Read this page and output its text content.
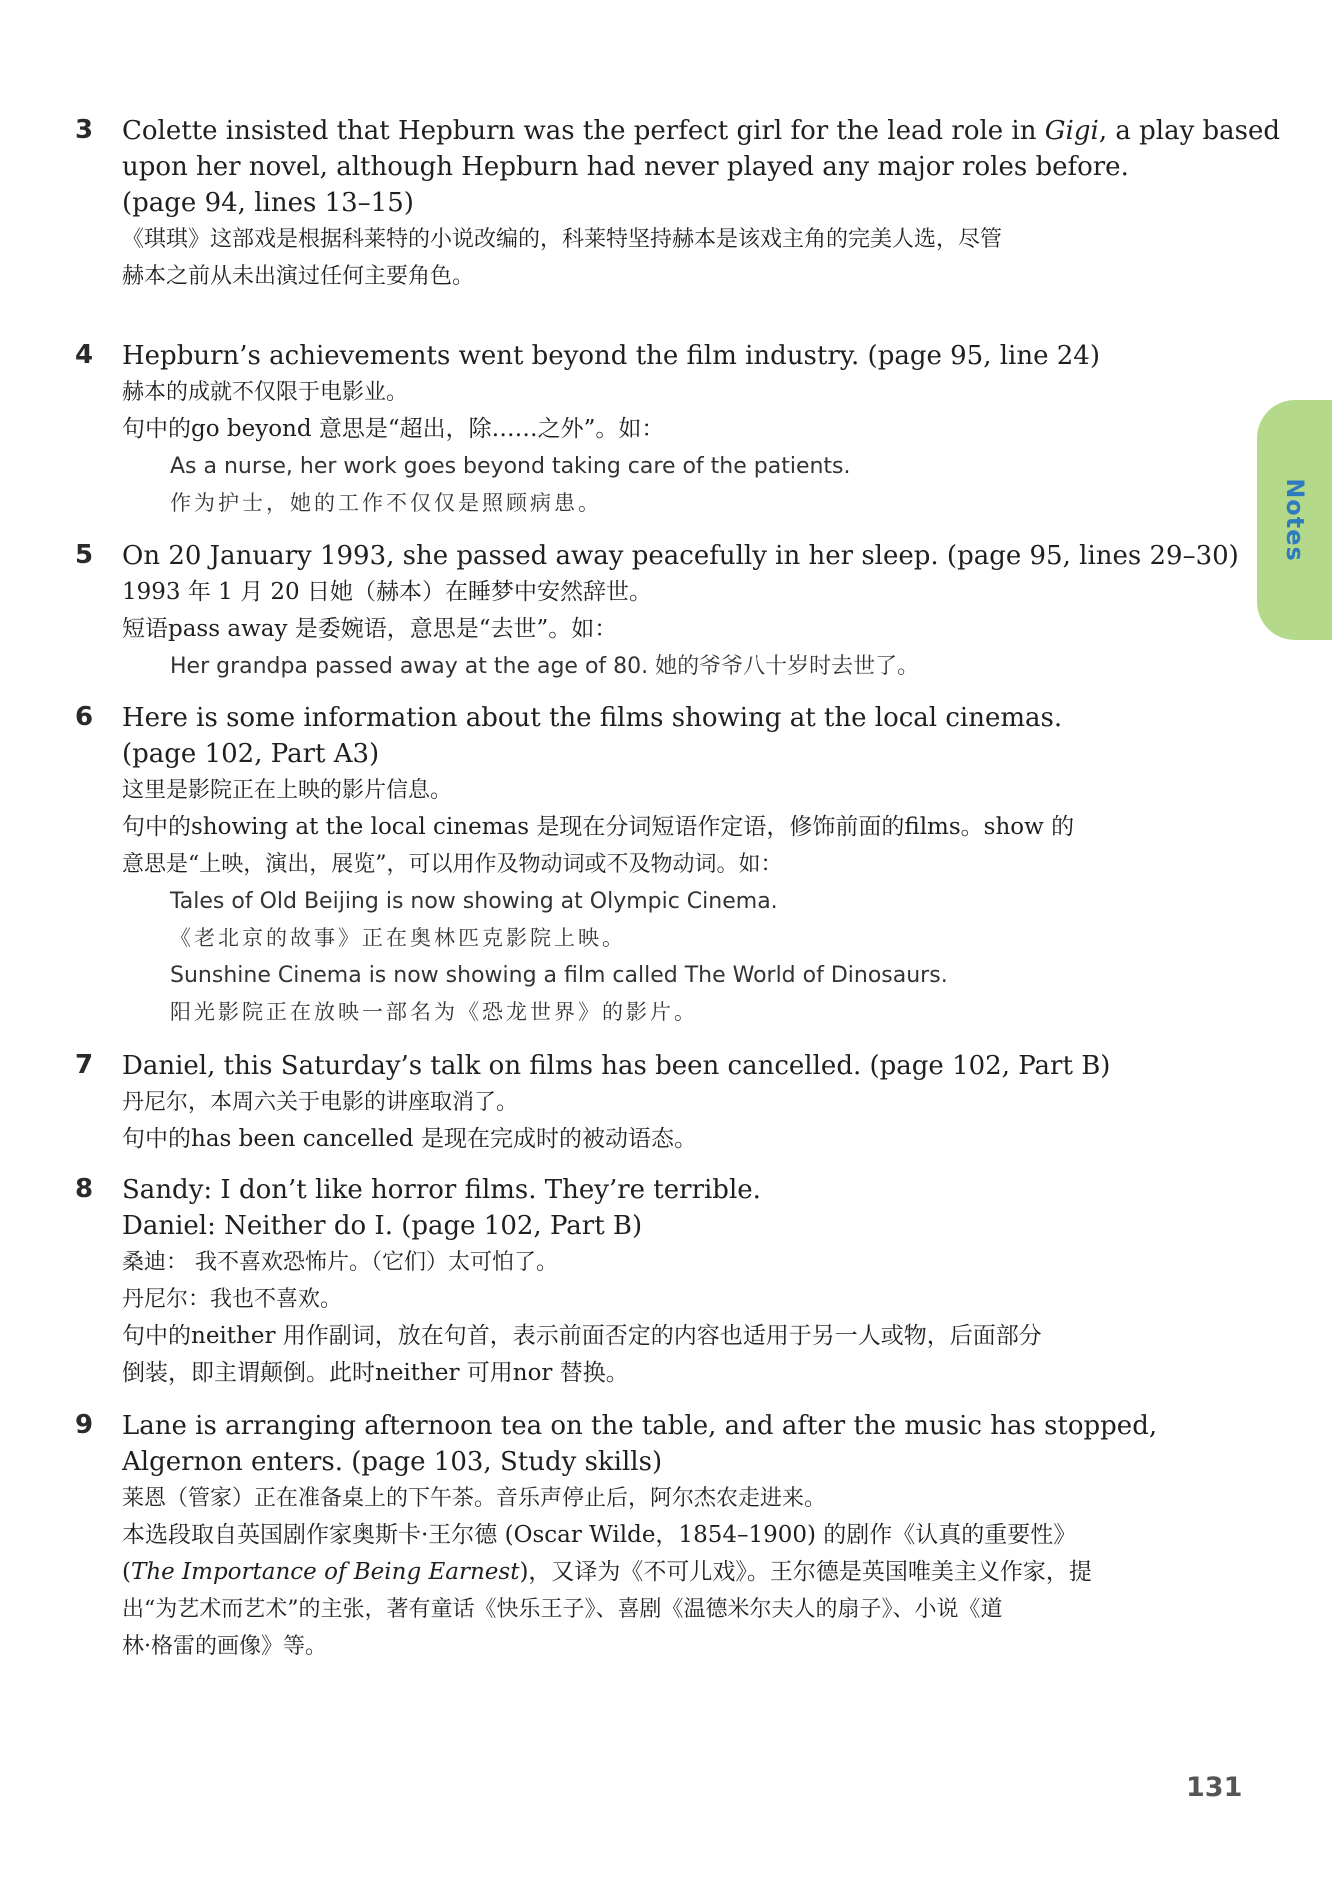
Notes
3	Colette insisted that Hepburn was the perfect girl for the lead role in Gigi, a play based
upon her novel, although Hepburn had never played any major roles before.
(page 94, lines 13–15)
《琪琪》这部戏是根据科莱特的小说改编的，科莱特坚持赫本是该戏主角的完美人选，尽管
赫本之前从未出演过任何主要角色。
4	Hepburn’s achievements went beyond the film industry. (page 95, line 24)
赫本的成就不仅限于电影业。
句中的go beyond 意思是“超出，除……之外”。如：
As a nurse, her work goes beyond taking care of the patients.
作为护士，她的工作不仅仅是照顾病患。
5	On 20 January 1993, she passed away peacefully in her sleep. (page 95, lines 29–30)
1993 年 1 月 20 日她（赫本）在睡梦中安然辞世。
短语pass away 是委婉语，意思是“去世”。如：
Her grandpa passed away at the age of 80. 她的爷爷八十岁时去世了。
6	Here is some information about the films showing at the local cinemas.
(page 102, Part A3)
这里是影院正在上映的影片信息。
句中的showing at the local cinemas 是现在分词短语作定语，修饰前面的films。show 的
意思是“上映，演出，展览”，可以用作及物动词或不及物动词。如：
Tales of Old Beijing is now showing at Olympic Cinema.
《老北京的故事》正在奥林匹克影院上映。
Sunshine Cinema is now showing a film called The World of Dinosaurs.
阳光影院正在放映一部名为《恐龙世界》的影片。
7	Daniel, this Saturday’s talk on films has been cancelled. (page 102, Part B)
丹尼尔，本周六关于电影的讲座取消了。
句中的has been cancelled 是现在完成时的被动语态。
8	Sandy: I don’t like horror films. They’re terrible.
Daniel: Neither do I. (page 102, Part B)
桑迪： 我不喜欢恐怖片。（它们）太可怕了。
丹尼尔：我也不喜欢。
句中的neither 用作副词，放在句首，表示前面否定的内容也适用于另一人或物，后面部分
倒装，即主谓颠倒。此时neither 可用nor 替换。
9	Lane is arranging afternoon tea on the table, and after the music has stopped,
Algernon enters. (page 103, Study skills)
莱恩（管家）正在准备桌上的下午茶。音乐声停止后，阿尔杰农走进来。
本选段取自英国剧作家奥斯卡·王尔德 (Oscar Wilde，1854–1900) 的剧作《认真的重要性》
(The Importance of Being Earnest)，又译为《不可儿戏》。王尔德是英国唯美主义作家，提
出“为艺术而艺术”的主张，著有童话《快乐王子》、喜剧《温德米尔夫人的扇子》、小说《道
林·格雷的画像》等。
131
